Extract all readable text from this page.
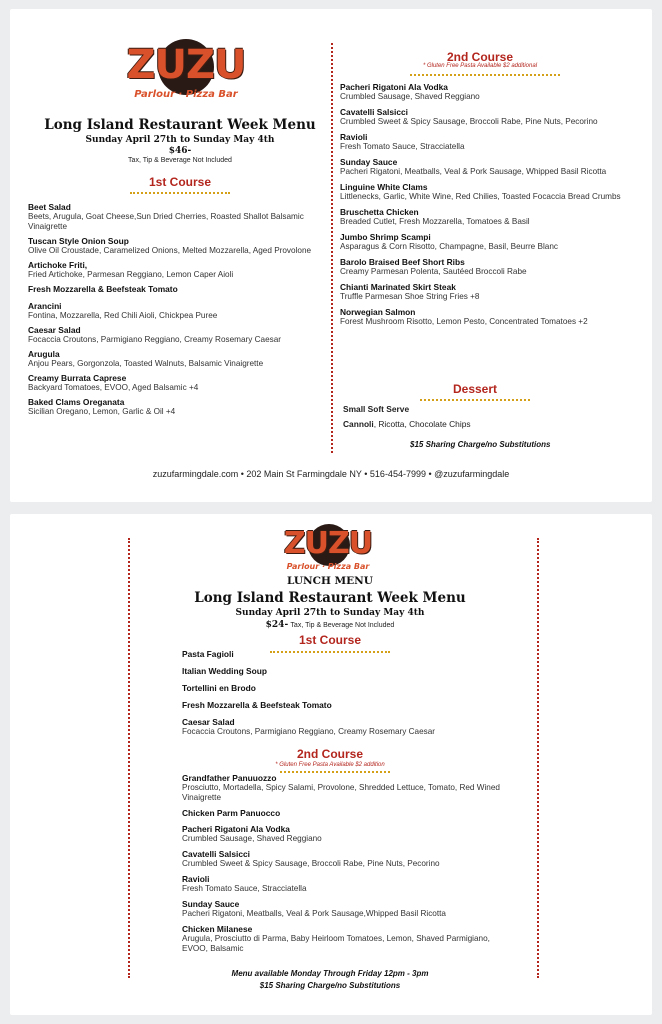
ZUZU
Parlour · Pizza Bar
Long Island Restaurant Week Menu
Sunday April 27th to Sunday May 4th
$46-
Tax, Tip & Beverage Not Included
1st Course
Beet Salad
Beets, Arugula, Goat Cheese,Sun Dried Cherries, Roasted Shallot Balsamic Vinaigrette
Tuscan Style Onion Soup
Olive Oil Croustade, Caramelized Onions, Melted Mozzarella, Aged Provolone
Artichoke Friti,
Fried Artichoke, Parmesan Reggiano, Lemon Caper Aioli
Fresh Mozzarella & Beefsteak Tomato
Arancini
Fontina, Mozzarella, Red Chili Aioli, Chickpea Puree
Caesar Salad
Focaccia Croutons, Parmigiano Reggiano, Creamy Rosemary Caesar
Arugula
Anjou Pears, Gorgonzola, Toasted Walnuts, Balsamic Vinaigrette
Creamy Burrata Caprese
Backyard Tomatoes, EVOO, Aged Balsamic +4
Baked Clams Oreganata
Sicilian Oregano, Lemon, Garlic & Oil +4
2nd Course
* Gluten Free Pasta Available $2 additional
Pacheri Rigatoni Ala Vodka
Crumbled Sausage, Shaved Reggiano
Cavatelli Salsicci
Crumbled Sweet & Spicy Sausage, Broccoli Rabe, Pine Nuts, Pecorino
Ravioli
Fresh Tomato Sauce, Stracciatella
Sunday Sauce
Pacheri Rigatoni, Meatballs, Veal & Pork Sausage, Whipped Basil Ricotta
Linguine White Clams
Littlenecks, Garlic, White Wine, Red Chilies, Toasted Focaccia Bread Crumbs
Bruschetta Chicken
Breaded Cutlet, Fresh Mozzarella, Tomatoes & Basil
Jumbo Shrimp Scampi
Asparagus & Corn Risotto, Champagne, Basil, Beurre Blanc
Barolo Braised Beef Short Ribs
Creamy Parmesan Polenta, Sautéed Broccoli Rabe
Chianti Marinated Skirt Steak
Truffle Parmesan Shoe String Fries +8
Norwegian Salmon
Forest Mushroom Risotto, Lemon Pesto, Concentrated Tomatoes +2
Dessert
Small Soft Serve
Cannoli, Ricotta, Chocolate Chips
$15 Sharing Charge/no Substitutions
zuzufarmingdale.com • 202 Main St Farmingdale NY • 516-454-7999 • @zuzufarmingdale
ZUZU
Parlour · Pizza Bar
LUNCH MENU
Long Island Restaurant Week Menu
Sunday April 27th to Sunday May 4th
$24- Tax, Tip & Beverage Not Included
1st Course
Pasta Fagioli
Italian Wedding Soup
Tortellini en Brodo
Fresh Mozzarella & Beefsteak Tomato
Caesar Salad
Focaccia Croutons, Parmigiano Reggiano, Creamy Rosemary Caesar
2nd Course
* Gluten Free Pasta Available $2 addition
Grandfather Panuuozzo
Prosciutto, Mortadella, Spicy Salami, Provolone, Shredded Lettuce, Tomato, Red Wined Vinaigrette
Chicken Parm Panuocco
Pacheri Rigatoni Ala Vodka
Crumbled Sausage, Shaved Reggiano
Cavatelli Salsicci
Crumbled Sweet & Spicy Sausage, Broccoli Rabe, Pine Nuts, Pecorino
Ravioli
Fresh Tomato Sauce, Stracciatella
Sunday Sauce
Pacheri Rigatoni, Meatballs, Veal & Pork Sausage,Whipped Basil Ricotta
Chicken Milanese
Arugula, Prosciutto di Parma, Baby Heirloom Tomatoes, Lemon, Shaved Parmigiano, EVOO, Balsamic
Menu available Monday Through Friday 12pm - 3pm
$15 Sharing Charge/no Substitutions
